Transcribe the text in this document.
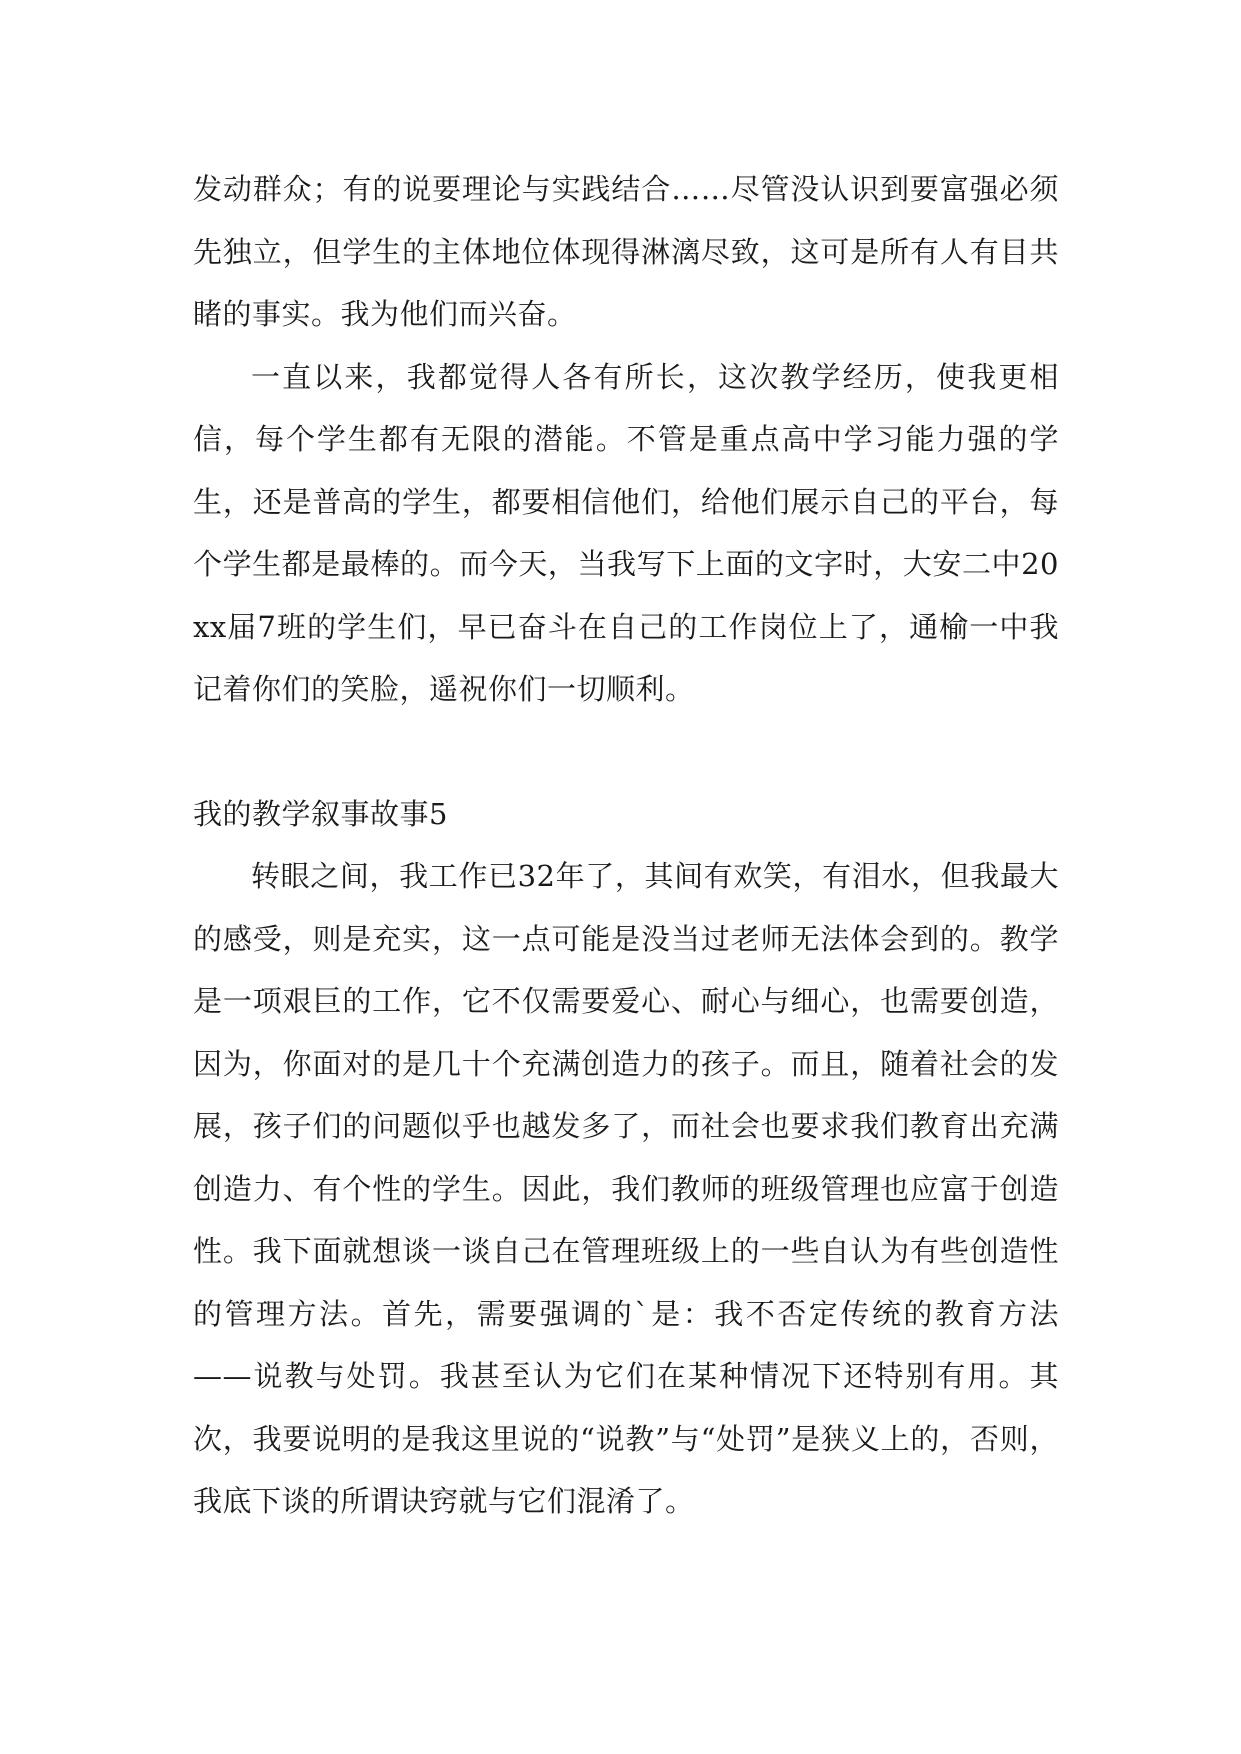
发动群众；有的说要理论与实践结合……尽管没认识到要富强必须先独立，但学生的主体地位体现得淋漓尽致，这可是所有人有目共睹的事实。我为他们而兴奋。

一直以来，我都觉得人各有所长，这次教学经历，使我更相信，每个学生都有无限的潜能。不管是重点高中学习能力强的学生，还是普高的学生，都要相信他们，给他们展示自己的平台，每个学生都是最棒的。而今天，当我写下上面的文字时，大安二中20xx届7班的学生们，早已奋斗在自己的工作岗位上了，通榆一中我记着你们的笑脸，遥祝你们一切顺利。

我的教学叙事故事5

转眼之间，我工作已32年了，其间有欢笑，有泪水，但我最大的感受，则是充实，这一点可能是没当过老师无法体会到的。教学是一项艰巨的工作，它不仅需要爱心、耐心与细心，也需要创造，因为，你面对的是几十个充满创造力的孩子。而且，随着社会的发展，孩子们的问题似乎也越发多了，而社会也要求我们教育出充满创造力、有个性的学生。因此，我们教师的班级管理也应富于创造性。我下面就想谈一谈自己在管理班级上的一些自认为有些创造性的管理方法。首先，需要强调的`是：我不否定传统的教育方法——说教与处罚。我甚至认为它们在某种情况下还特别有用。其次，我要说明的是我这里说的“说教”与“处罚”是狭义上的，否则，我底下谈的所谓诀窍就与它们混淆了。
